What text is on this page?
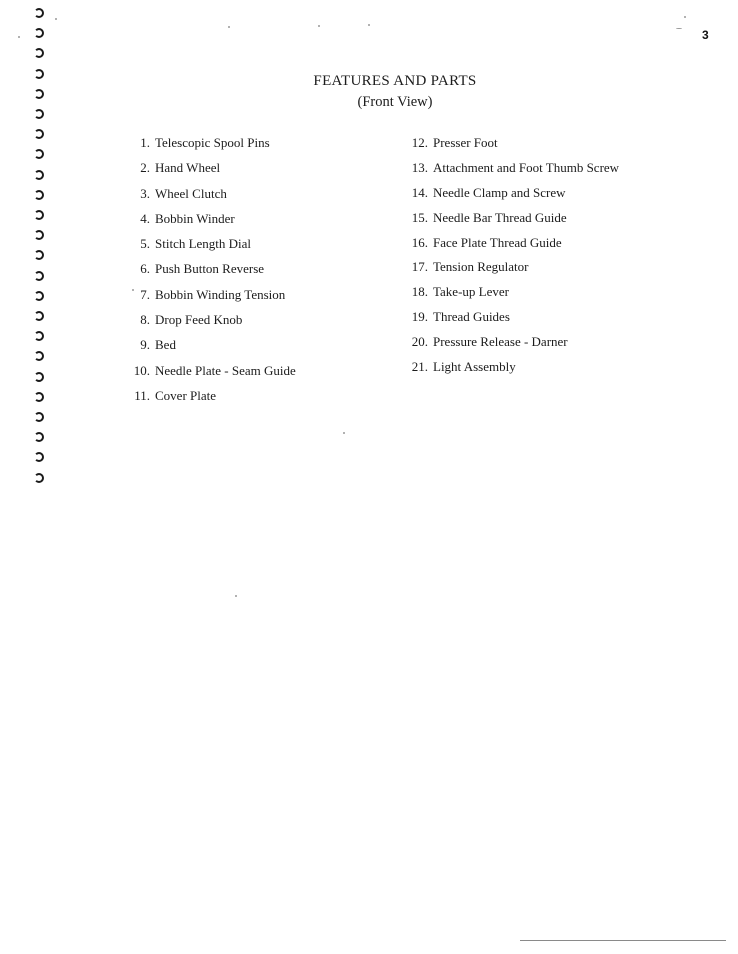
3
FEATURES AND PARTS
(Front View)
1. Telescopic Spool Pins
2. Hand Wheel
3. Wheel Clutch
4. Bobbin Winder
5. Stitch Length Dial
6. Push Button Reverse
7. Bobbin Winding Tension
8. Drop Feed Knob
9. Bed
10. Needle Plate - Seam Guide
11. Cover Plate
12. Presser Foot
13. Attachment and Foot Thumb Screw
14. Needle Clamp and Screw
15. Needle Bar Thread Guide
16. Face Plate Thread Guide
17. Tension Regulator
18. Take-up Lever
19. Thread Guides
20. Pressure Release - Darner
21. Light Assembly
